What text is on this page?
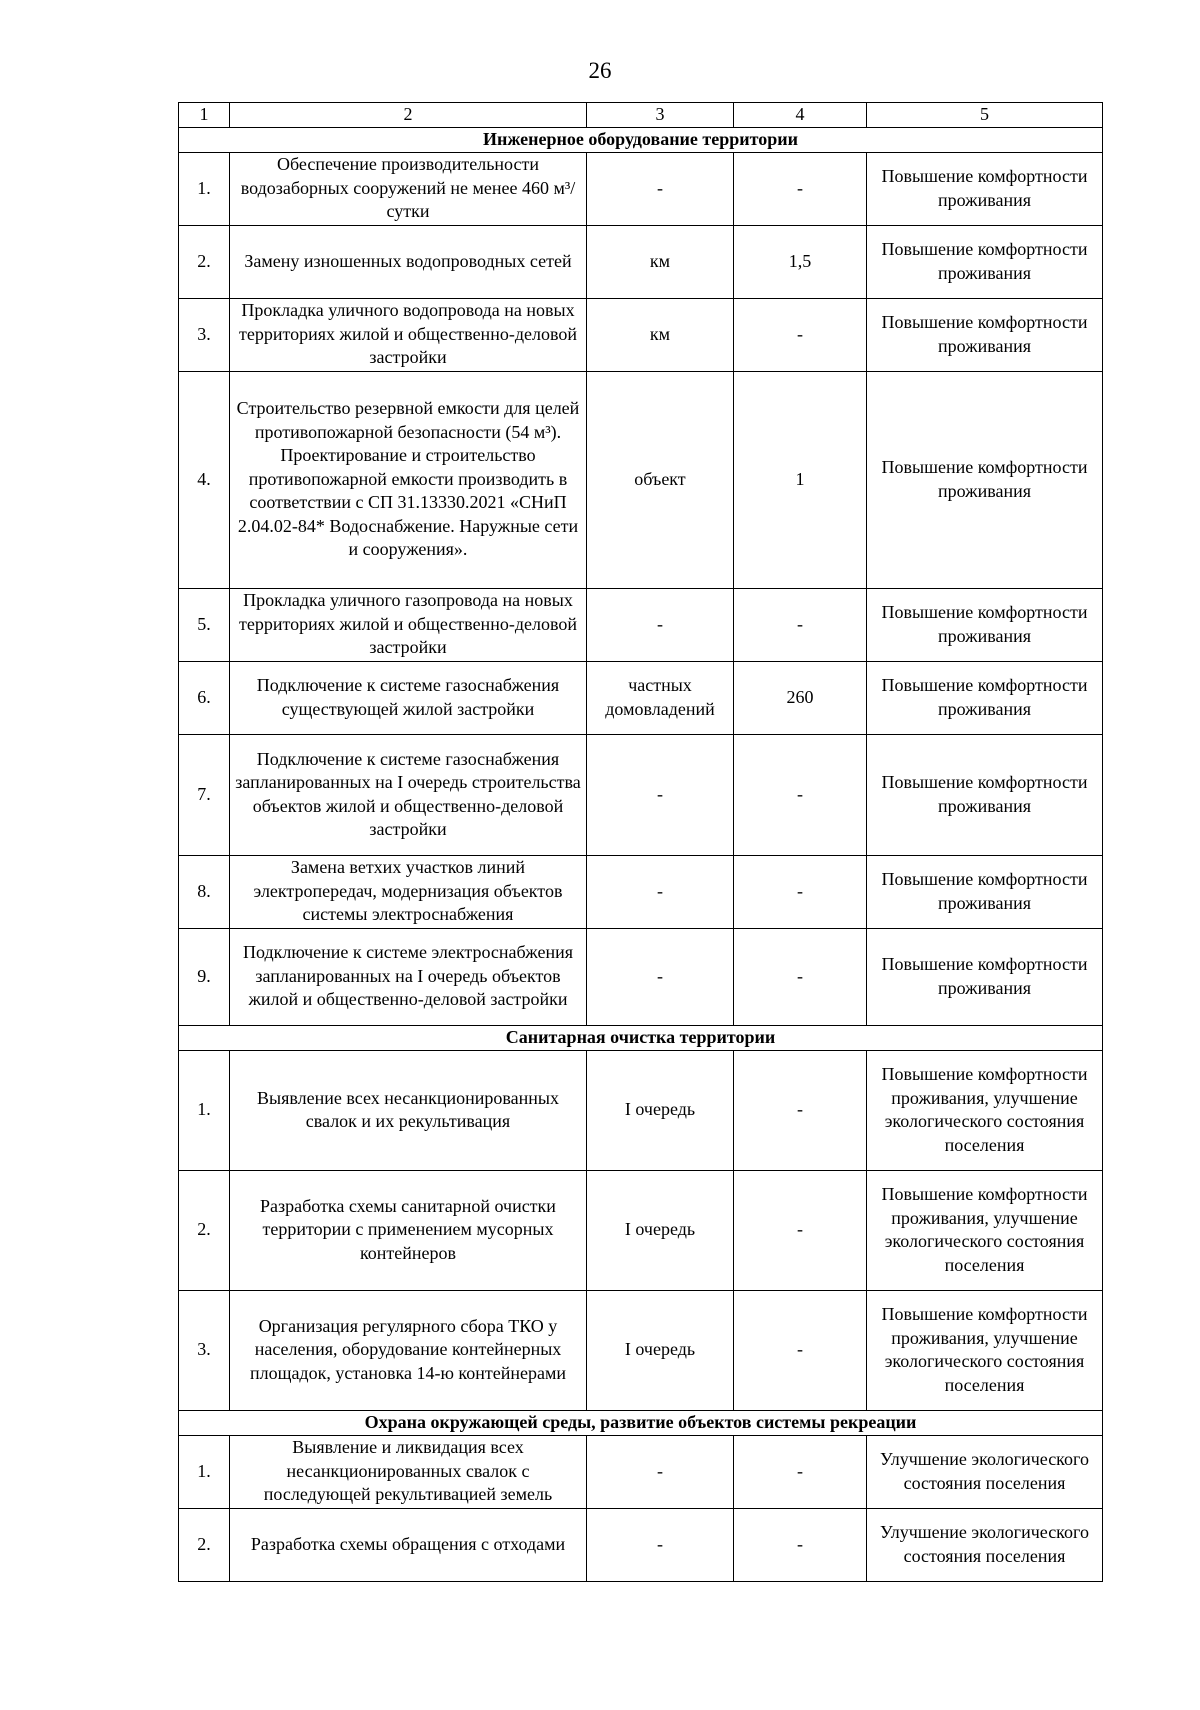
26
1	2	3	4	5
Инженерное оборудование территории				
1.	Обеспечение производительности водозаборных сооружений не менее 460 м³/сутки	-	-	Повышение комфортности проживания
2.	Замену изношенных водопроводных сетей	км	1,5	Повышение комфортности проживания
3.	Прокладка уличного водопровода на новых территориях жилой и общественно-деловой застройки	км	-	Повышение комфортности проживания
4.	Строительство резервной емкости для целей противопожарной безопасности (54 м³). Проектирование и строительство противопожарной емкости производить в соответствии с СП 31.13330.2021 «СНиП 2.04.02-84* Водоснабжение. Наружные сети и сооружения».	объект	1	Повышение комфортности проживания
5.	Прокладка уличного газопровода на новых территориях жилой и общественно-деловой застройки	-	-	Повышение комфортности проживания
6.	Подключение к системе газоснабжения существующей жилой застройки	частных домовладений	260	Повышение комфортности проживания
7.	Подключение к системе газоснабжения запланированных на I очередь строительства объектов жилой и общественно-деловой застройки	-	-	Повышение комфортности проживания
8.	Замена ветхих участков линий электропередач, модернизация объектов системы электроснабжения	-	-	Повышение комфортности проживания
9.	Подключение к системе электроснабжения запланированных на I очередь объектов жилой и общественно-деловой застройки	-	-	Повышение комфортности проживания
Санитарная очистка территории				
1.	Выявление всех несанкционированных свалок и их рекультивация	I очередь	-	Повышение комфортности проживания, улучшение экологического состояния поселения
2.	Разработка схемы санитарной очистки территории с применением мусорных контейнеров	I очередь	-	Повышение комфортности проживания, улучшение экологического состояния поселения
3.	Организация регулярного сбора ТКО у населения, оборудование контейнерных площадок, установка 14-ю контейнерами	I очередь	-	Повышение комфортности проживания, улучшение экологического состояния поселения
Охрана окружающей среды, развитие объектов системы рекреации				
1.	Выявление и ликвидация всех несанкционированных свалок с последующей рекультивацией земель	-	-	Улучшение экологического состояния поселения
2.	Разработка схемы обращения с отходами	-	-	Улучшение экологического состояния поселения
